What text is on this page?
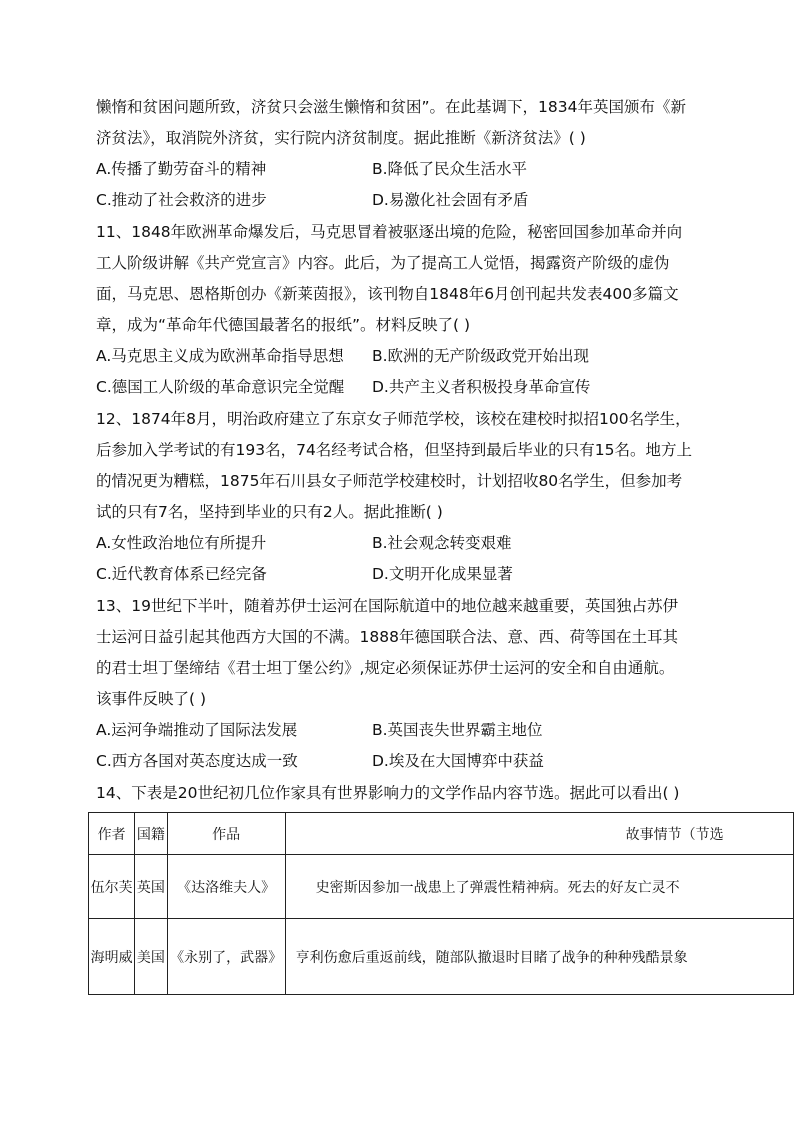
懒惰和贫困问题所致，济贫只会滋生懒惰和贫困”。在此基调下，1834年英国颁布《新
济贫法》，取消院外济贫，实行院内济贫制度。据此推断《新济贫法》( )
A.传播了勤劳奋斗的精神	B.降低了民众生活水平
C.推动了社会救济的进步	D.易激化社会固有矛盾
11、1848年欧洲革命爆发后，马克思冒着被驱逐出境的危险，秘密回国参加革命并向
工人阶级讲解《共产党宣言》内容。此后，为了提高工人觉悟，揭露资产阶级的虚伪
面，马克思、恩格斯创办《新莱茵报》，该刊物自1848年6月创刊起共发表400多篇文
章，成为“革命年代德国最著名的报纸”。材料反映了( )
A.马克思主义成为欧洲革命指导思想 B.欧洲的无产阶级政党开始出现
C.德国工人阶级的革命意识完全觉醒 D.共产主义者积极投身革命宣传
12、1874年8月，明治政府建立了东京女子师范学校，该校在建校时拟招100名学生，
后参加入学考试的有193名，74名经考试合格，但坚持到最后毕业的只有15名。地方上
的情况更为糟糕，1875年石川县女子师范学校建校时，计划招收80名学生，但参加考
试的只有7名，坚持到毕业的只有2人。据此推断( )
A.女性政治地位有所提升	B.社会观念转变艰难
C.近代教育体系已经完备	D.文明开化成果显著
13、19世纪下半叶，随着苏伊士运河在国际航道中的地位越来越重要，英国独占苏伊
士运河日益引起其他西方大国的不满。1888年德国联合法、意、西、荷等国在土耳其
的君士坦丁堡缔结《君士坦丁堡公约》,规定必须保证苏伊士运河的安全和自由通航。
该事件反映了( )
A.运河争端推动了国际法发展	B.英国丧失世界霸主地位
C.西方各国对英态度达成一致	D.埃及在大国博弈中获益
14、下表是20世纪初几位作家具有世界影响力的文学作品内容节选。据此可以看出( )
作者	国籍	作品	故事情节（节选
伍尔芙	英国	《达洛维夫人》	史密斯因参加一战患上了弹震性精神病。死去的好友亡灵不
海明威	美国	《永别了，武器》	亨利伤愈后重返前线，随部队撤退时目睹了战争的种种残酷景象
